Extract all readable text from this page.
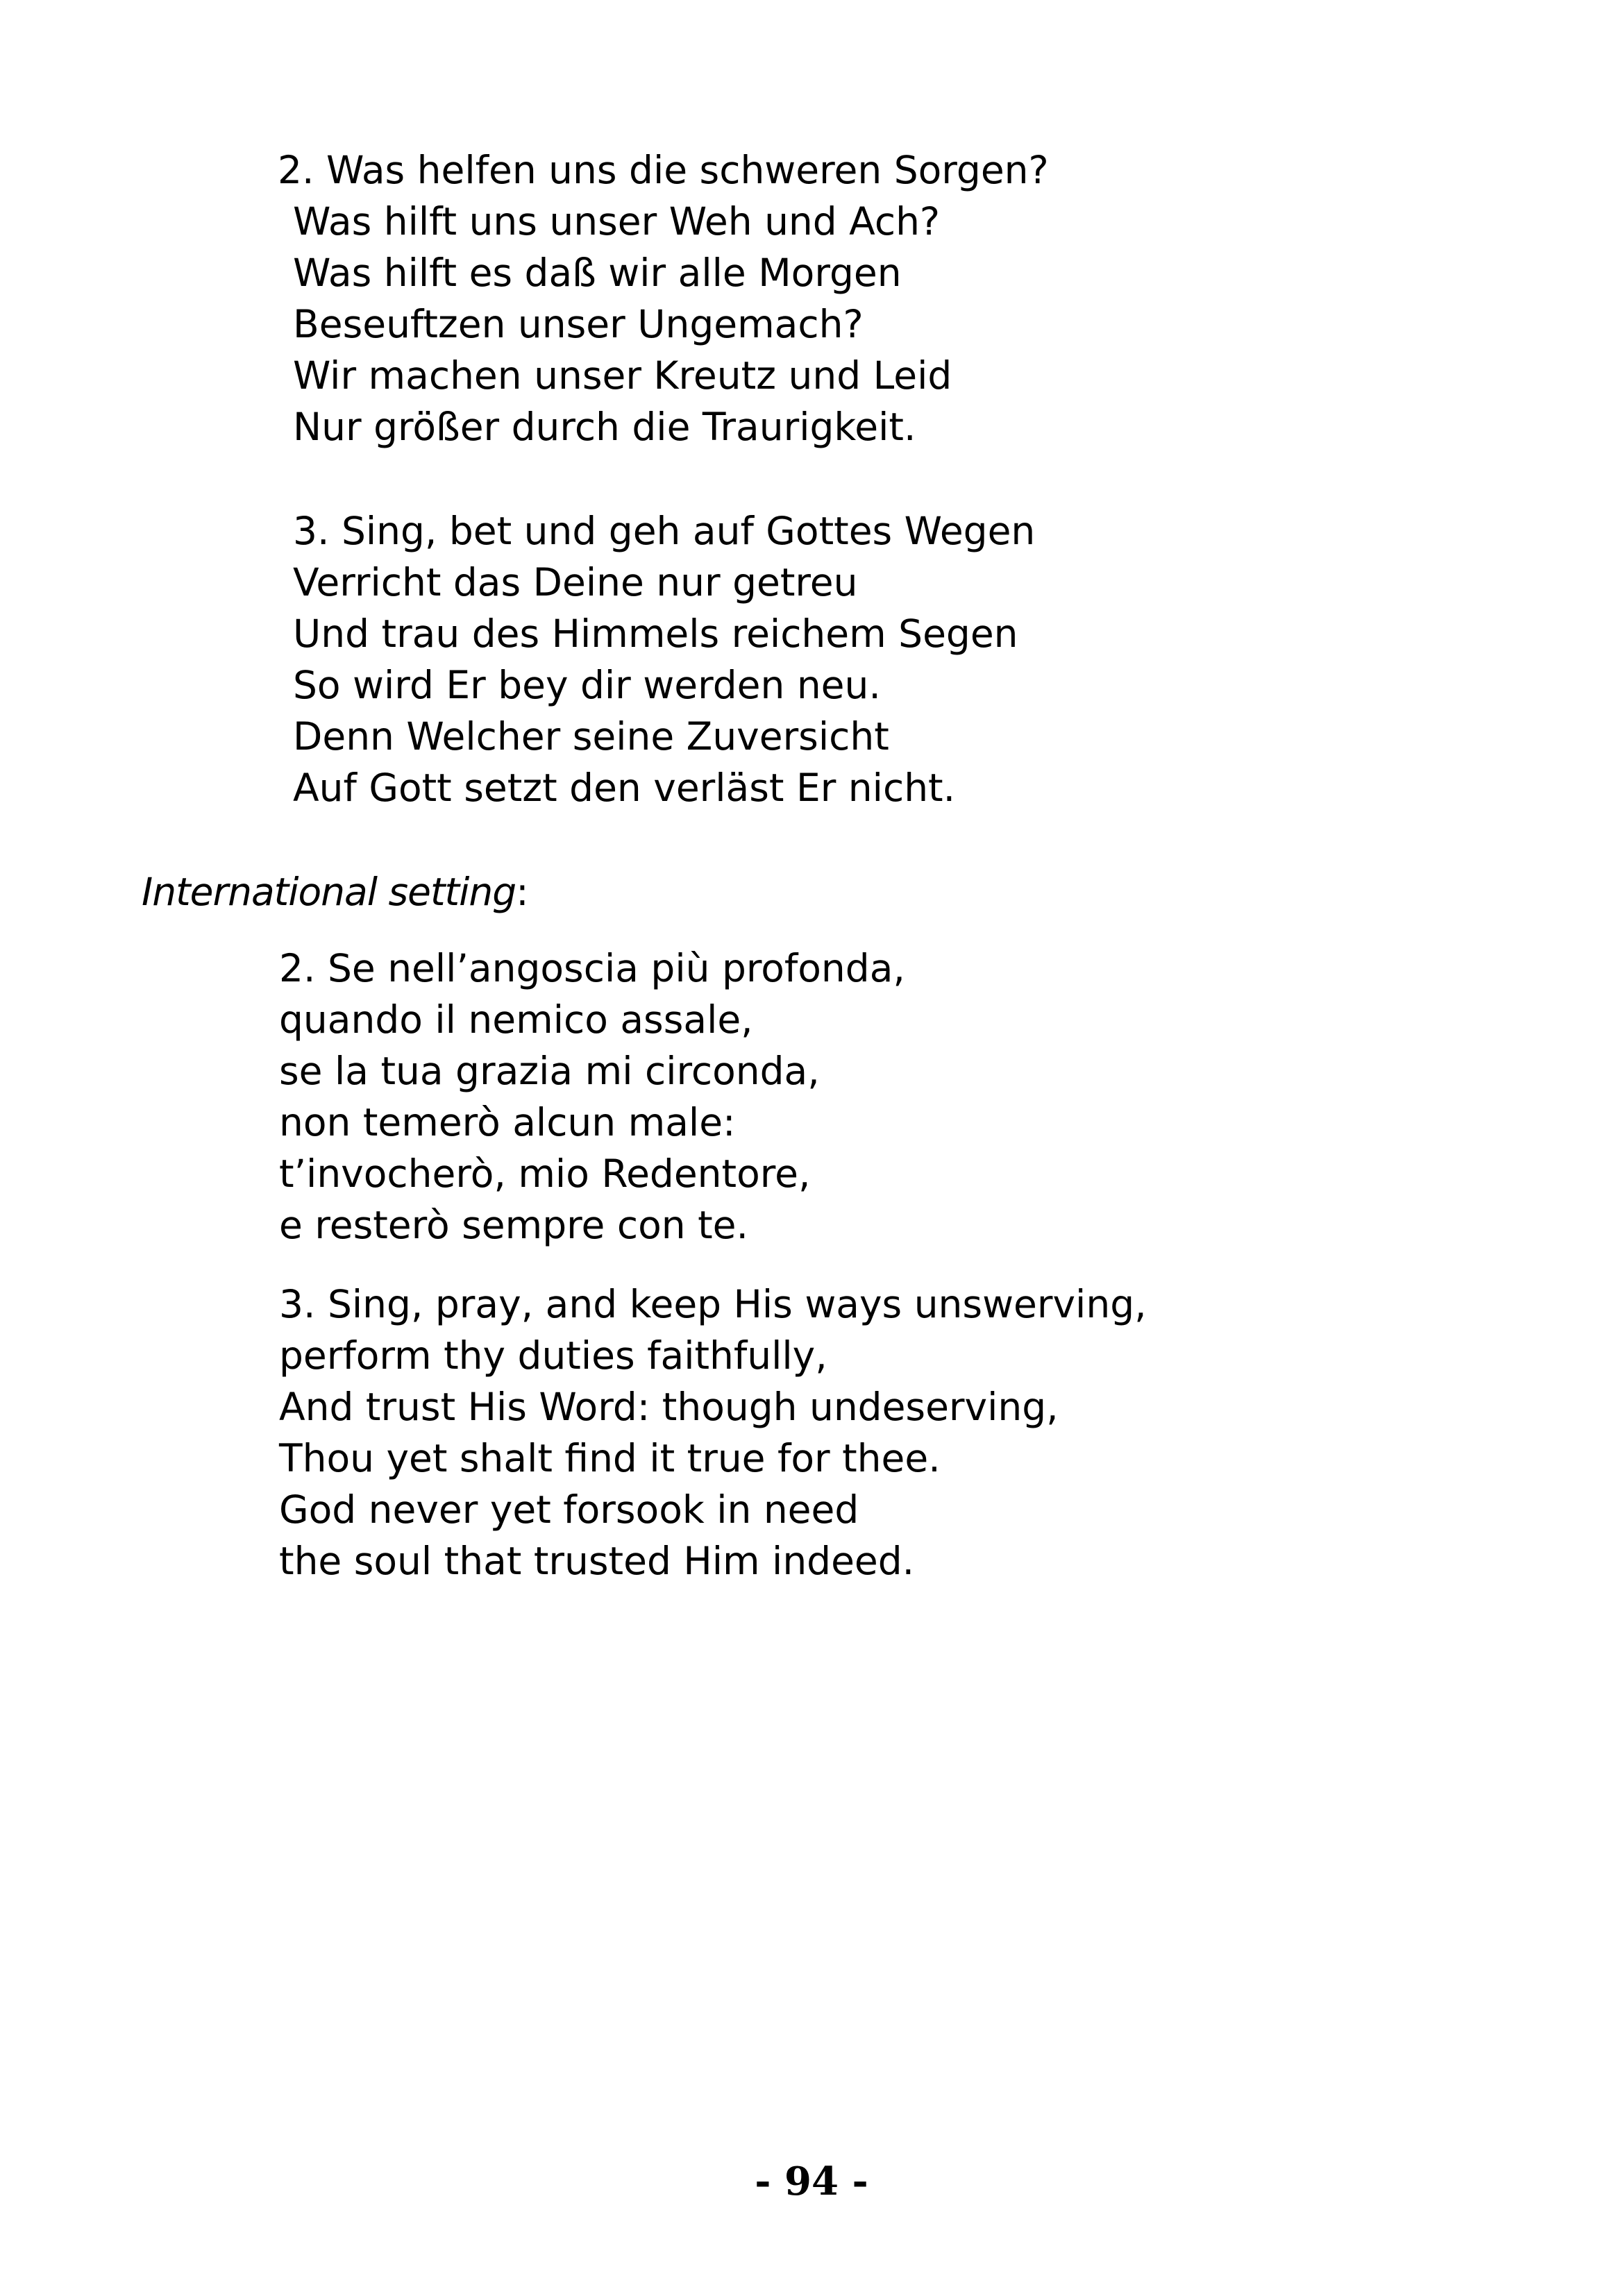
2. Was helfen uns die schweren Sorgen?
Was hilft uns unser Weh und Ach?
Was hilft es daß wir alle Morgen
Beseuftzen unser Ungemach?
Wir machen unser Kreutz und Leid
Nur größer durch die Traurigkeit.
3. Sing, bet und geh auf Gottes Wegen
Verricht das Deine nur getreu
Und trau des Himmels reichem Segen
So wird Er bey dir werden neu.
Denn Welcher seine Zuversicht
Auf Gott setzt den verläst Er nicht.
International setting:
2. Se nell’angoscia più profonda,
quando il nemico assale,
se la tua grazia mi circonda,
non temerò alcun male:
t’invocherò, mio Redentore,
e resterò sempre con te.
3. Sing, pray, and keep His ways unswerving,
perform thy duties faithfully,
And trust His Word: though undeserving,
Thou yet shalt find it true for thee.
God never yet forsook in need
the soul that trusted Him indeed.
- 94 -
